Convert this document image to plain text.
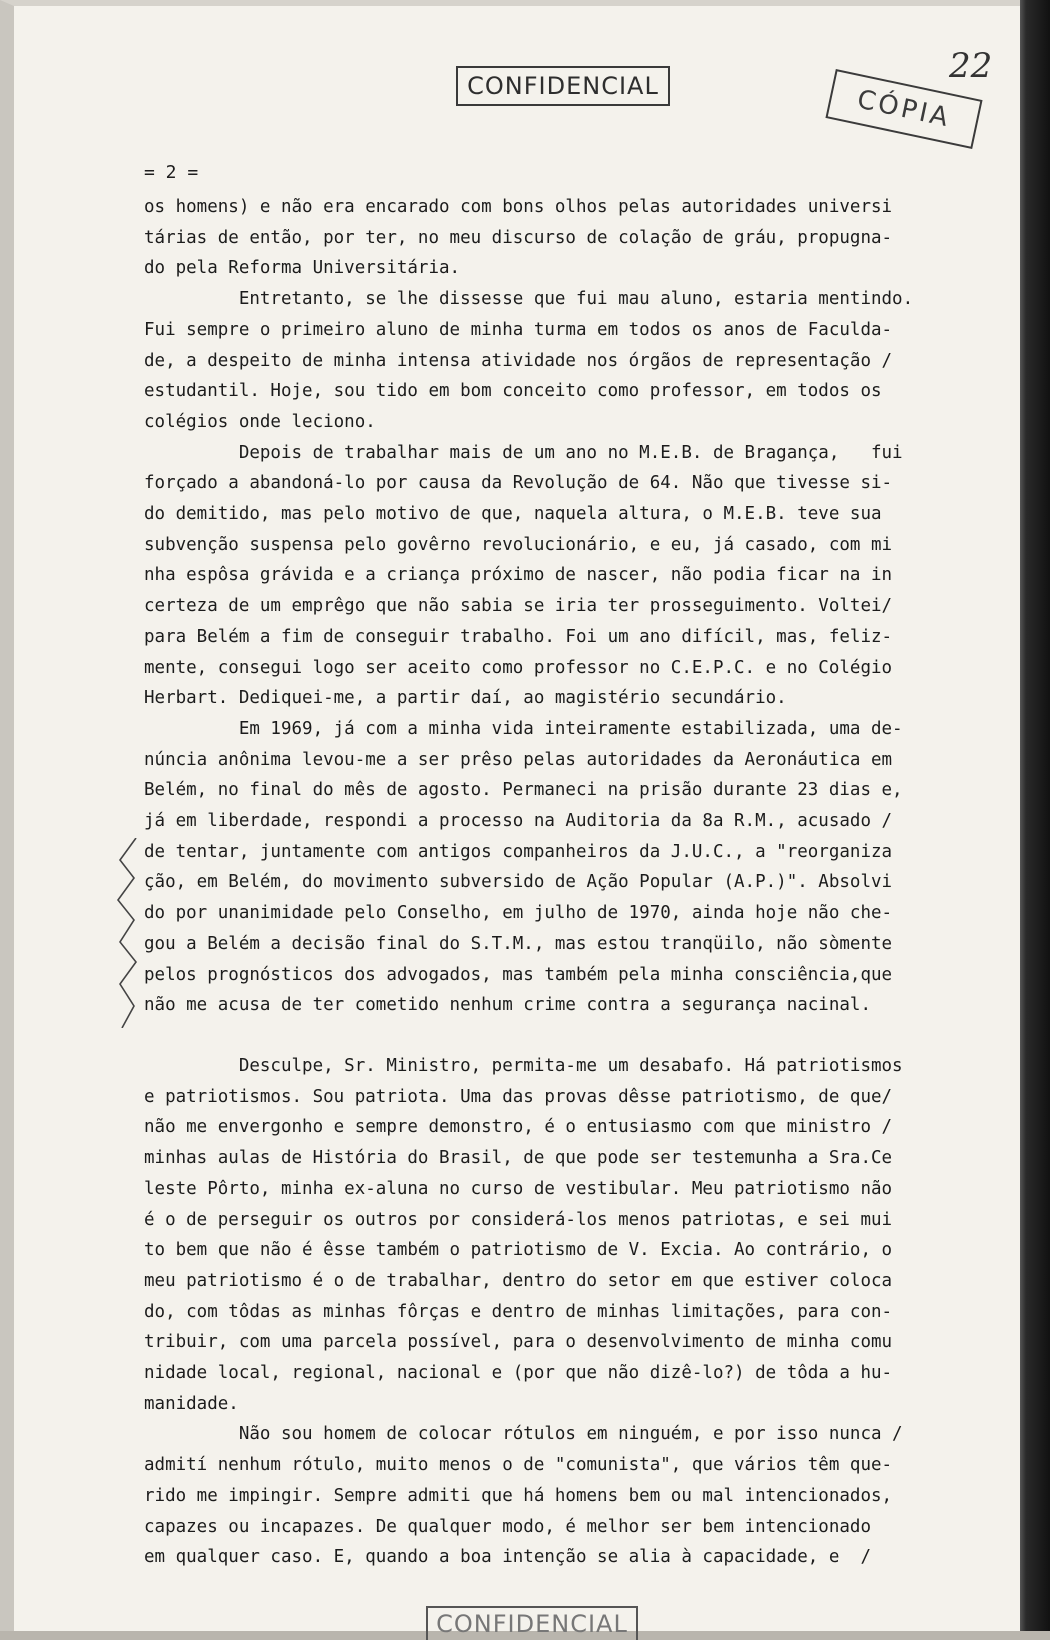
CONFIDENCIAL	CÓPIA
22
= 2 =

os homens) e não era encarado com bons olhos pelas autoridades universi

tárias de então, por ter, no meu discurso de colação de gráu, propugna-

do pela Reforma Universitária.

Entretanto, se lhe dissesse que fui mau aluno, estaria mentindo.

Fui sempre o primeiro aluno de minha turma em todos os anos de Faculda-

de, a despeito de minha intensa atividade nos órgãos de representação /

estudantil. Hoje, sou tido em bom conceito como professor, em todos os

colégios onde leciono.

Depois de trabalhar mais de um ano no M.E.B. de Bragança,   fui

forçado a abandoná-lo por causa da Revolução de 64. Não que tivesse si-

do demitido, mas pelo motivo de que, naquela altura, o M.E.B. teve sua

subvenção suspensa pelo govêrno revolucionário, e eu, já casado, com mi

nha espôsa grávida e a criança próximo de nascer, não podia ficar na in

certeza de um emprêgo que não sabia se iria ter prosseguimento. Voltei/

para Belém a fim de conseguir trabalho. Foi um ano difícil, mas, feliz-

mente, consegui logo ser aceito como professor no C.E.P.C. e no Colégio

Herbart. Dediquei-me, a partir daí, ao magistério secundário.

Em 1969, já com a minha vida inteiramente estabilizada, uma de-

núncia anônima levou-me a ser prêso pelas autoridades da Aeronáutica em

Belém, no final do mês de agosto. Permaneci na prisão durante 23 dias e,

já em liberdade, respondi a processo na Auditoria da 8a R.M., acusado /

de tentar, juntamente com antigos companheiros da J.U.C., a "reorganiza

ção, em Belém, do movimento subversido de Ação Popular (A.P.)". Absolvi

do por unanimidade pelo Conselho, em julho de 1970, ainda hoje não che-

gou a Belém a decisão final do S.T.M., mas estou tranqüilo, não sòmente

pelos prognósticos dos advogados, mas também pela minha consciência,que

não me acusa de ter cometido nenhum crime contra a segurança nacinal.

Desculpe, Sr. Ministro, permita-me um desabafo. Há patriotismos

e patriotismos. Sou patriota. Uma das provas dêsse patriotismo, de que/

não me envergonho e sempre demonstro, é o entusiasmo com que ministro /

minhas aulas de História do Brasil, de que pode ser testemunha a Sra.Ce

leste Pôrto, minha ex-aluna no curso de vestibular. Meu patriotismo não

é o de perseguir os outros por considerá-los menos patriotas, e sei mui

to bem que não é êsse também o patriotismo de V. Excia. Ao contrário, o

meu patriotismo é o de trabalhar, dentro do setor em que estiver coloca

do, com tôdas as minhas fôrças e dentro de minhas limitações, para con-

tribuir, com uma parcela possível, para o desenvolvimento de minha comu

nidade local, regional, nacional e (por que não dizê-lo?) de tôda a hu-

manidade.

Não sou homem de colocar rótulos em ninguém, e por isso nunca /

admití nenhum rótulo, muito menos o de "comunista", que vários têm que-

rido me impingir. Sempre admiti que há homens bem ou mal intencionados,

capazes ou incapazes. De qualquer modo, é melhor ser bem intencionado

em qualquer caso. E, quando a boa intenção se alia à capacidade, e  /

CONFIDENCIAL
